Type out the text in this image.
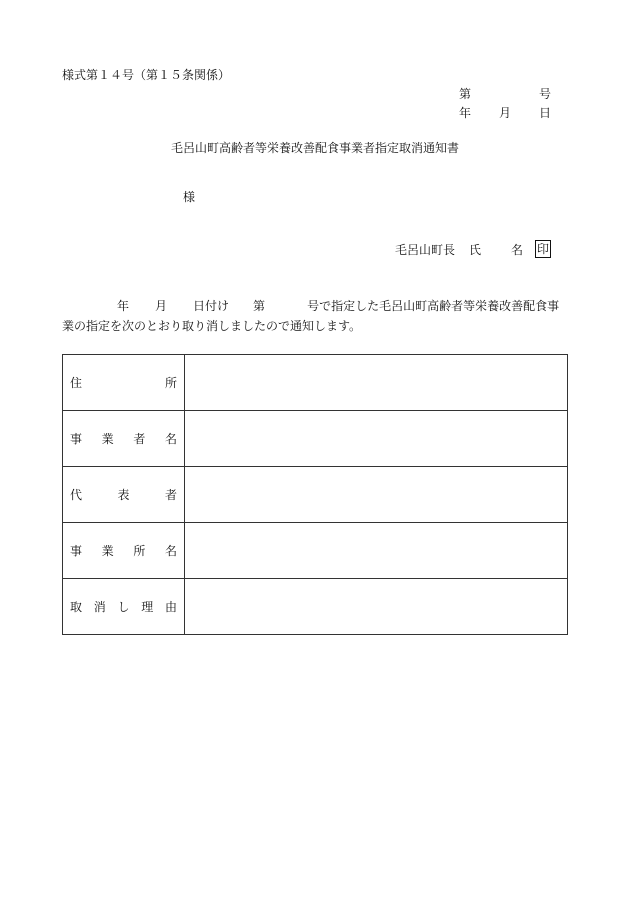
様式第１４号（第１５条関係）
第	号
年 月 日
毛呂山町高齢者等栄養改善配食事業者指定取消通知書
様
毛呂山町長 氏	名 印
年 月 日付け 第	号で指定した毛呂山町高齢者等栄養改善配食事業の指定を次のとおり取り消しましたので通知します。
住 所	

事 業 者 名	

代 表 者	

事 業 所 名	

取 消 し 理 由	
